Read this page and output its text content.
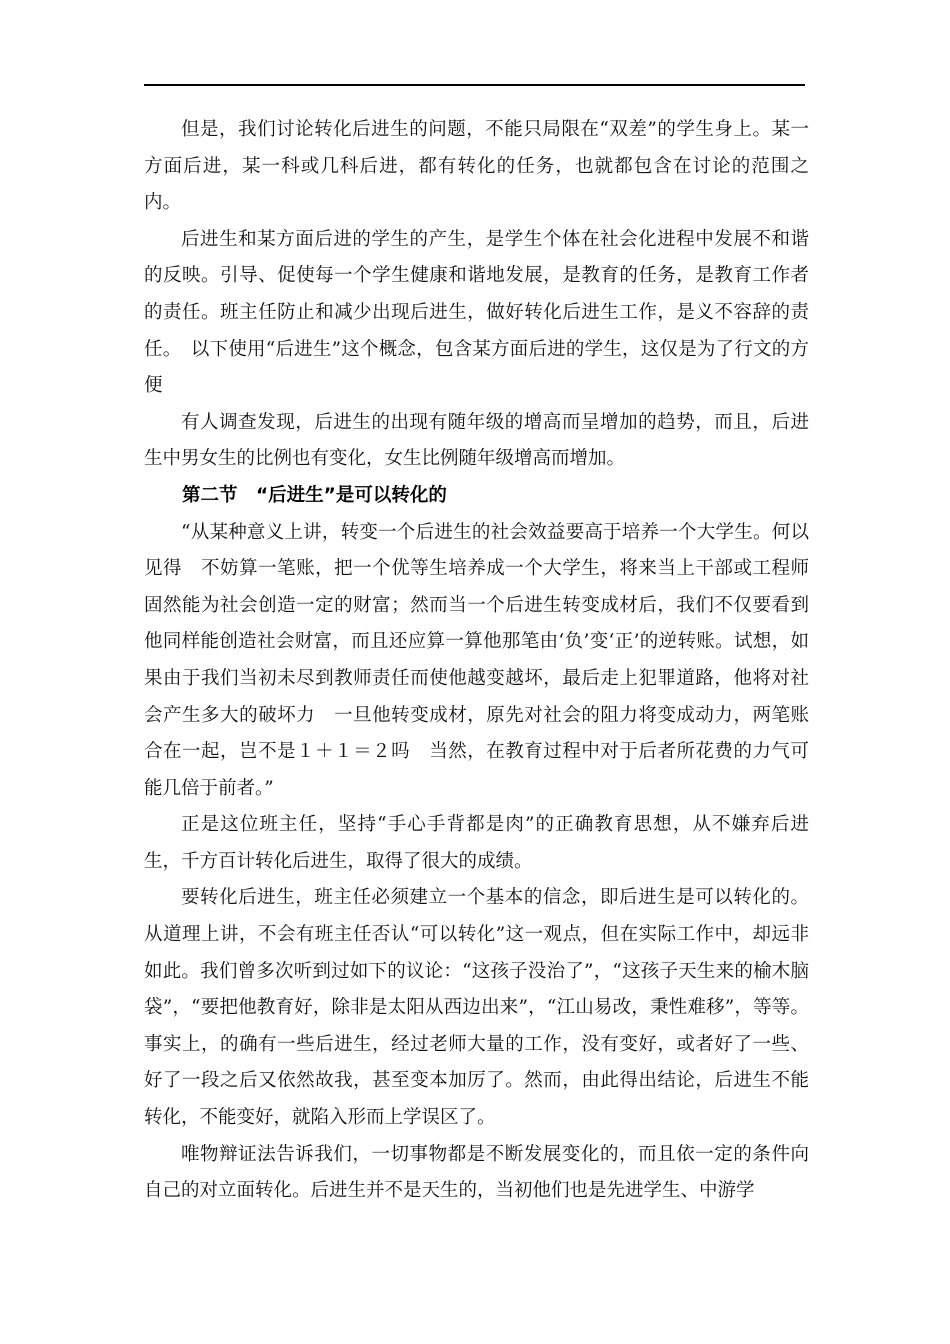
但是，我们讨论转化后进生的问题，不能只局限在“双差”的学生身上。某一方面后进，某一科或几科后进，都有转化的任务，也就都包含在讨论的范围之内。

后进生和某方面后进的学生的产生，是学生个体在社会化进程中发展不和谐的反映。引导、促使每一个学生健康和谐地发展，是教育的任务，是教育工作者的责任。班主任防止和减少出现后进生，做好转化后进生工作，是义不容辞的责任。　以下使用“后进生”这个概念，包含某方面后进的学生，这仅是为了行文的方便

有人调查发现，后进生的出现有随年级的增高而呈增加的趋势，而且，后进生中男女生的比例也有变化，女生比例随年级增高而增加。

第二节　“后进生”是可以转化的

“从某种意义上讲，转变一个后进生的社会效益要高于培养一个大学生。何以见得　不妨算一笔账，把一个优等生培养成一个大学生，将来当上干部或工程师固然能为社会创造一定的财富；然而当一个后进生转变成材后，我们不仅要看到他同样能创造社会财富，而且还应算一算他那笔由‘负’变‘正’的逆转账。试想，如果由于我们当初未尽到教师责任而使他越变越坏，最后走上犯罪道路，他将对社会产生多大的破坏力　一旦他转变成材，原先对社会的阻力将变成动力，两笔账合在一起，岂不是１＋１＝２吗　当然，在教育过程中对于后者所花费的力气可能几倍于前者。”

正是这位班主任，坚持“手心手背都是肉”的正确教育思想，从不嫌弃后进生，千方百计转化后进生，取得了很大的成绩。

要转化后进生，班主任必须建立一个基本的信念，即后进生是可以转化的。从道理上讲，不会有班主任否认“可以转化”这一观点，但在实际工作中，却远非如此。我们曾多次听到过如下的议论：“这孩子没治了”，“这孩子天生来的榆木脑袋”，“要把他教育好，除非是太阳从西边出来”，“江山易改，秉性难移”，等等。事实上，的确有一些后进生，经过老师大量的工作，没有变好，或者好了一些、好了一段之后又依然故我，甚至变本加厉了。然而，由此得出结论，后进生不能转化，不能变好，就陷入形而上学误区了。

唯物辩证法告诉我们，一切事物都是不断发展变化的，而且依一定的条件向自己的对立面转化。后进生并不是天生的，当初他们也是先进学生、中游学
